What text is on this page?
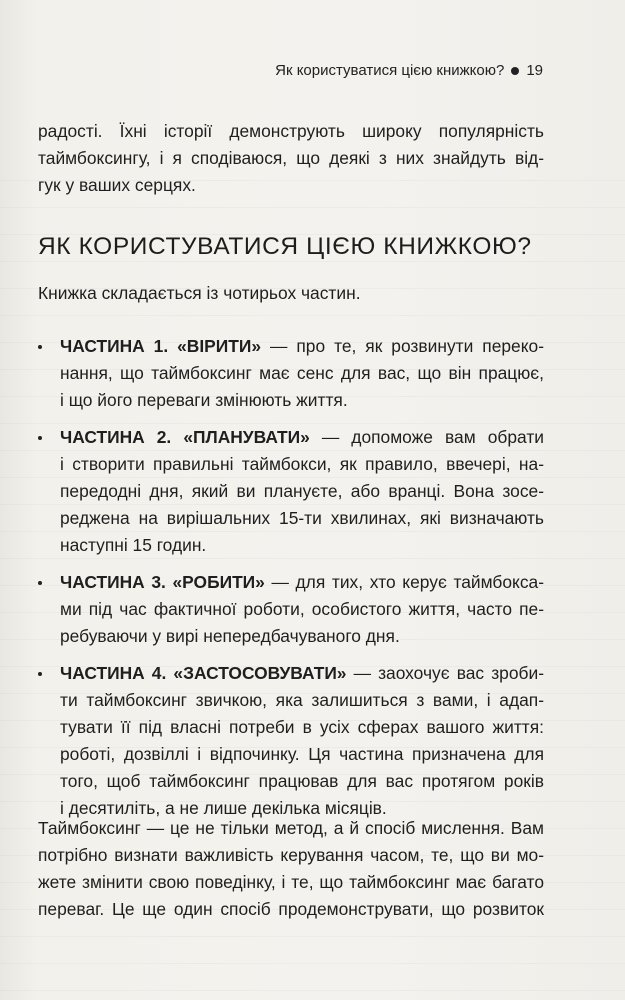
Як користуватися цією книжкою? 19
радості. Їхні історії демонструють широку популярність
таймбоксингу, і я сподіваюся, що деякі з них знайдуть від-
гук у ваших серцях.
ЯК КОРИСТУВАТИСЯ ЦІЄЮ КНИЖКОЮ?
Книжка складається із чотирьох частин.
ЧАСТИНА 1. «ВІРИТИ» — про те, як розвинути переко-
нання, що таймбоксинг має сенс для вас, що він працює,
і що його переваги змінюють життя.
ЧАСТИНА 2. «ПЛАНУВАТИ» — допоможе вам обрати
і створити правильні таймбокси, як правило, ввечері, на-
передодні дня, який ви плануєте, або вранці. Вона зосе-
реджена на вирішальних 15-ти хвилинах, які визначають
наступні 15 годин.
ЧАСТИНА 3. «РОБИТИ» — для тих, хто керує таймбокса-
ми під час фактичної роботи, особистого життя, часто пе-
ребуваючи у вирі непередбачуваного дня.
ЧАСТИНА 4. «ЗАСТОСОВУВАТИ» — заохочує вас зроби-
ти таймбоксинг звичкою, яка залишиться з вами, і адап-
тувати її під власні потреби в усіх сферах вашого життя:
роботі, дозвіллі і відпочинку. Ця частина призначена для
того, щоб таймбоксинг працював для вас протягом років
і десятиліть, а не лише декілька місяців.
Таймбоксинг — це не тільки метод, а й спосіб мислення. Вам
потрібно визнати важливість керування часом, те, що ви мо-
жете змінити свою поведінку, і те, що таймбоксинг має багато
переваг. Це ще один спосіб продемонструвати, що розвиток
